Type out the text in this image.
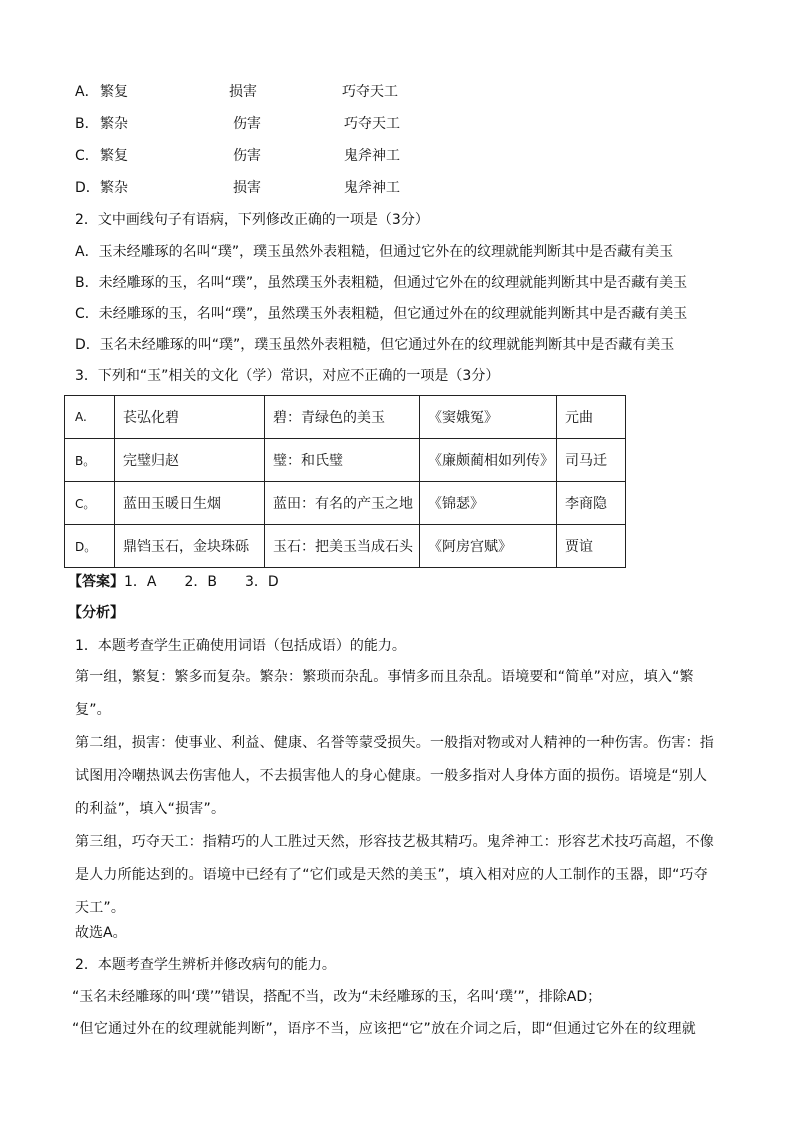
A． 繁复	损害	巧夺天工
B． 繁杂	伤害	巧夺天工
C． 繁复	伤害	鬼斧神工
D． 繁杂	损害	鬼斧神工
2．文中画线句子有语病，下列修改正确的一项是（3分）
A．玉未经雕琢的名叫“璞”，璞玉虽然外表粗糙，但通过它外在的纹理就能判断其中是否藏有美玉
B．未经雕琢的玉，名叫“璞”，虽然璞玉外表粗糙，但通过它外在的纹理就能判断其中是否藏有美玉
C．未经雕琢的玉，名叫“璞”，虽然璞玉外表粗糙，但它通过外在的纹理就能判断其中是否藏有美玉
D．玉名未经雕琢的叫“璞”，璞玉虽然外表粗糙，但它通过外在的纹理就能判断其中是否藏有美玉
3．下列和“玉”相关的文化（学）常识，对应不正确的一项是（3分）
A.	苌弘化碧	碧：青绿色的美玉	《窦娥冤》	元曲
B。	完璧归赵	璧：和氏璧	《廉颇蔺相如列传》	司马迁
C。	蓝田玉暖日生烟	蓝田：有名的产玉之地	《锦瑟》	李商隐
D。	鼎铛玉石，金块珠砾	玉石：把美玉当成石头	《阿房宫赋》	贾谊
【答案】1．A　　2．B　　3．D
【分析】
1．本题考查学生正确使用词语（包括成语）的能力。
第一组，繁复：繁多而复杂。繁杂：繁琐而杂乱。事情多而且杂乱。语境要和“简单”对应，填入“繁复”。
第二组，损害：使事业、利益、健康、名誉等蒙受损失。一般指对物或对人精神的一种伤害。伤害：指试图用冷嘲热讽去伤害他人，不去损害他人的身心健康。一般多指对人身体方面的损伤。语境是“别人的利益”，填入“损害”。
第三组，巧夺天工：指精巧的人工胜过天然，形容技艺极其精巧。鬼斧神工：形容艺术技巧高超，不像是人力所能达到的。语境中已经有了“它们或是天然的美玉”，填入相对应的人工制作的玉器，即“巧夺天工”。
故选A。
2．本题考查学生辨析并修改病句的能力。
“玉名未经雕琢的叫‘璞’”错误，搭配不当，改为“未经雕琢的玉，名叫‘璞’”，排除AD；
“但它通过外在的纹理就能判断”，语序不当，应该把“它”放在介词之后，即“但通过它外在的纹理就
